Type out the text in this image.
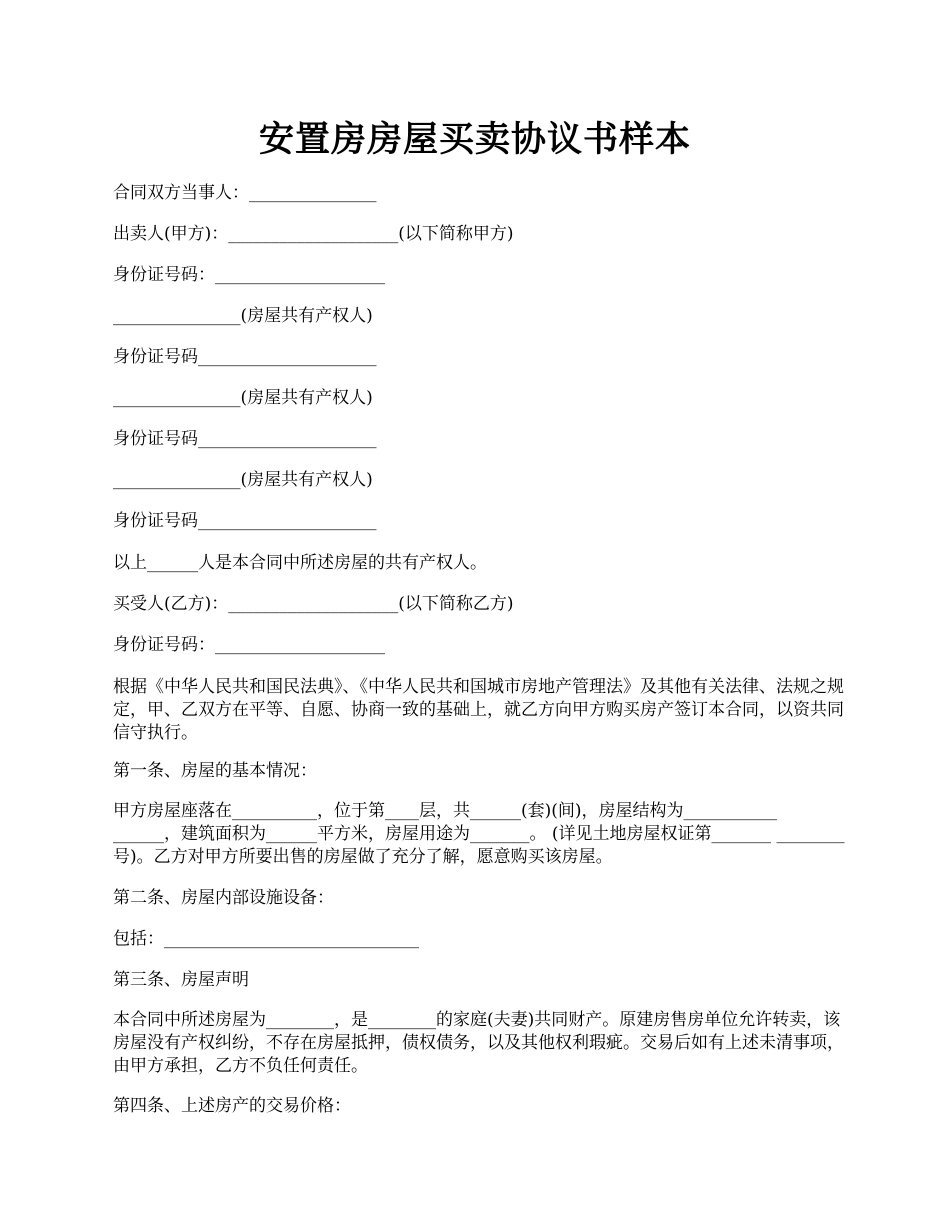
安置房房屋买卖协议书样本

合同双方当事人：_______________

出卖人(甲方)：____________________(以下简称甲方)

身份证号码：____________________

_______________(房屋共有产权人)

身份证号码_____________________

_______________(房屋共有产权人)

身份证号码_____________________

_______________(房屋共有产权人)

身份证号码_____________________

以上______人是本合同中所述房屋的共有产权人。

买受人(乙方)：____________________(以下简称乙方)

身份证号码：____________________

根据《中华人民共和国民法典》、《中华人民共和国城市房地产管理法》及其他有关法律、法规之规定，甲、乙双方在平等、自愿、协商一致的基础上，就乙方向甲方购买房产签订本合同，以资共同信守执行。

第一条、房屋的基本情况：

甲方房屋座落在__________，位于第____层，共______(套)(间)，房屋结构为___________ ______，建筑面积为______平方米，房屋用途为_______。 (详见土地房屋权证第_______ ________号)。乙方对甲方所要出售的房屋做了充分了解，愿意购买该房屋。

第二条、房屋内部设施设备：

包括：______________________________

第三条、房屋声明

本合同中所述房屋为________，是________的家庭(夫妻)共同财产。原建房售房单位允许转卖，该房屋没有产权纠纷，不存在房屋抵押，债权债务，以及其他权利瑕疵。交易后如有上述未清事项，由甲方承担，乙方不负任何责任。

第四条、上述房产的交易价格：
